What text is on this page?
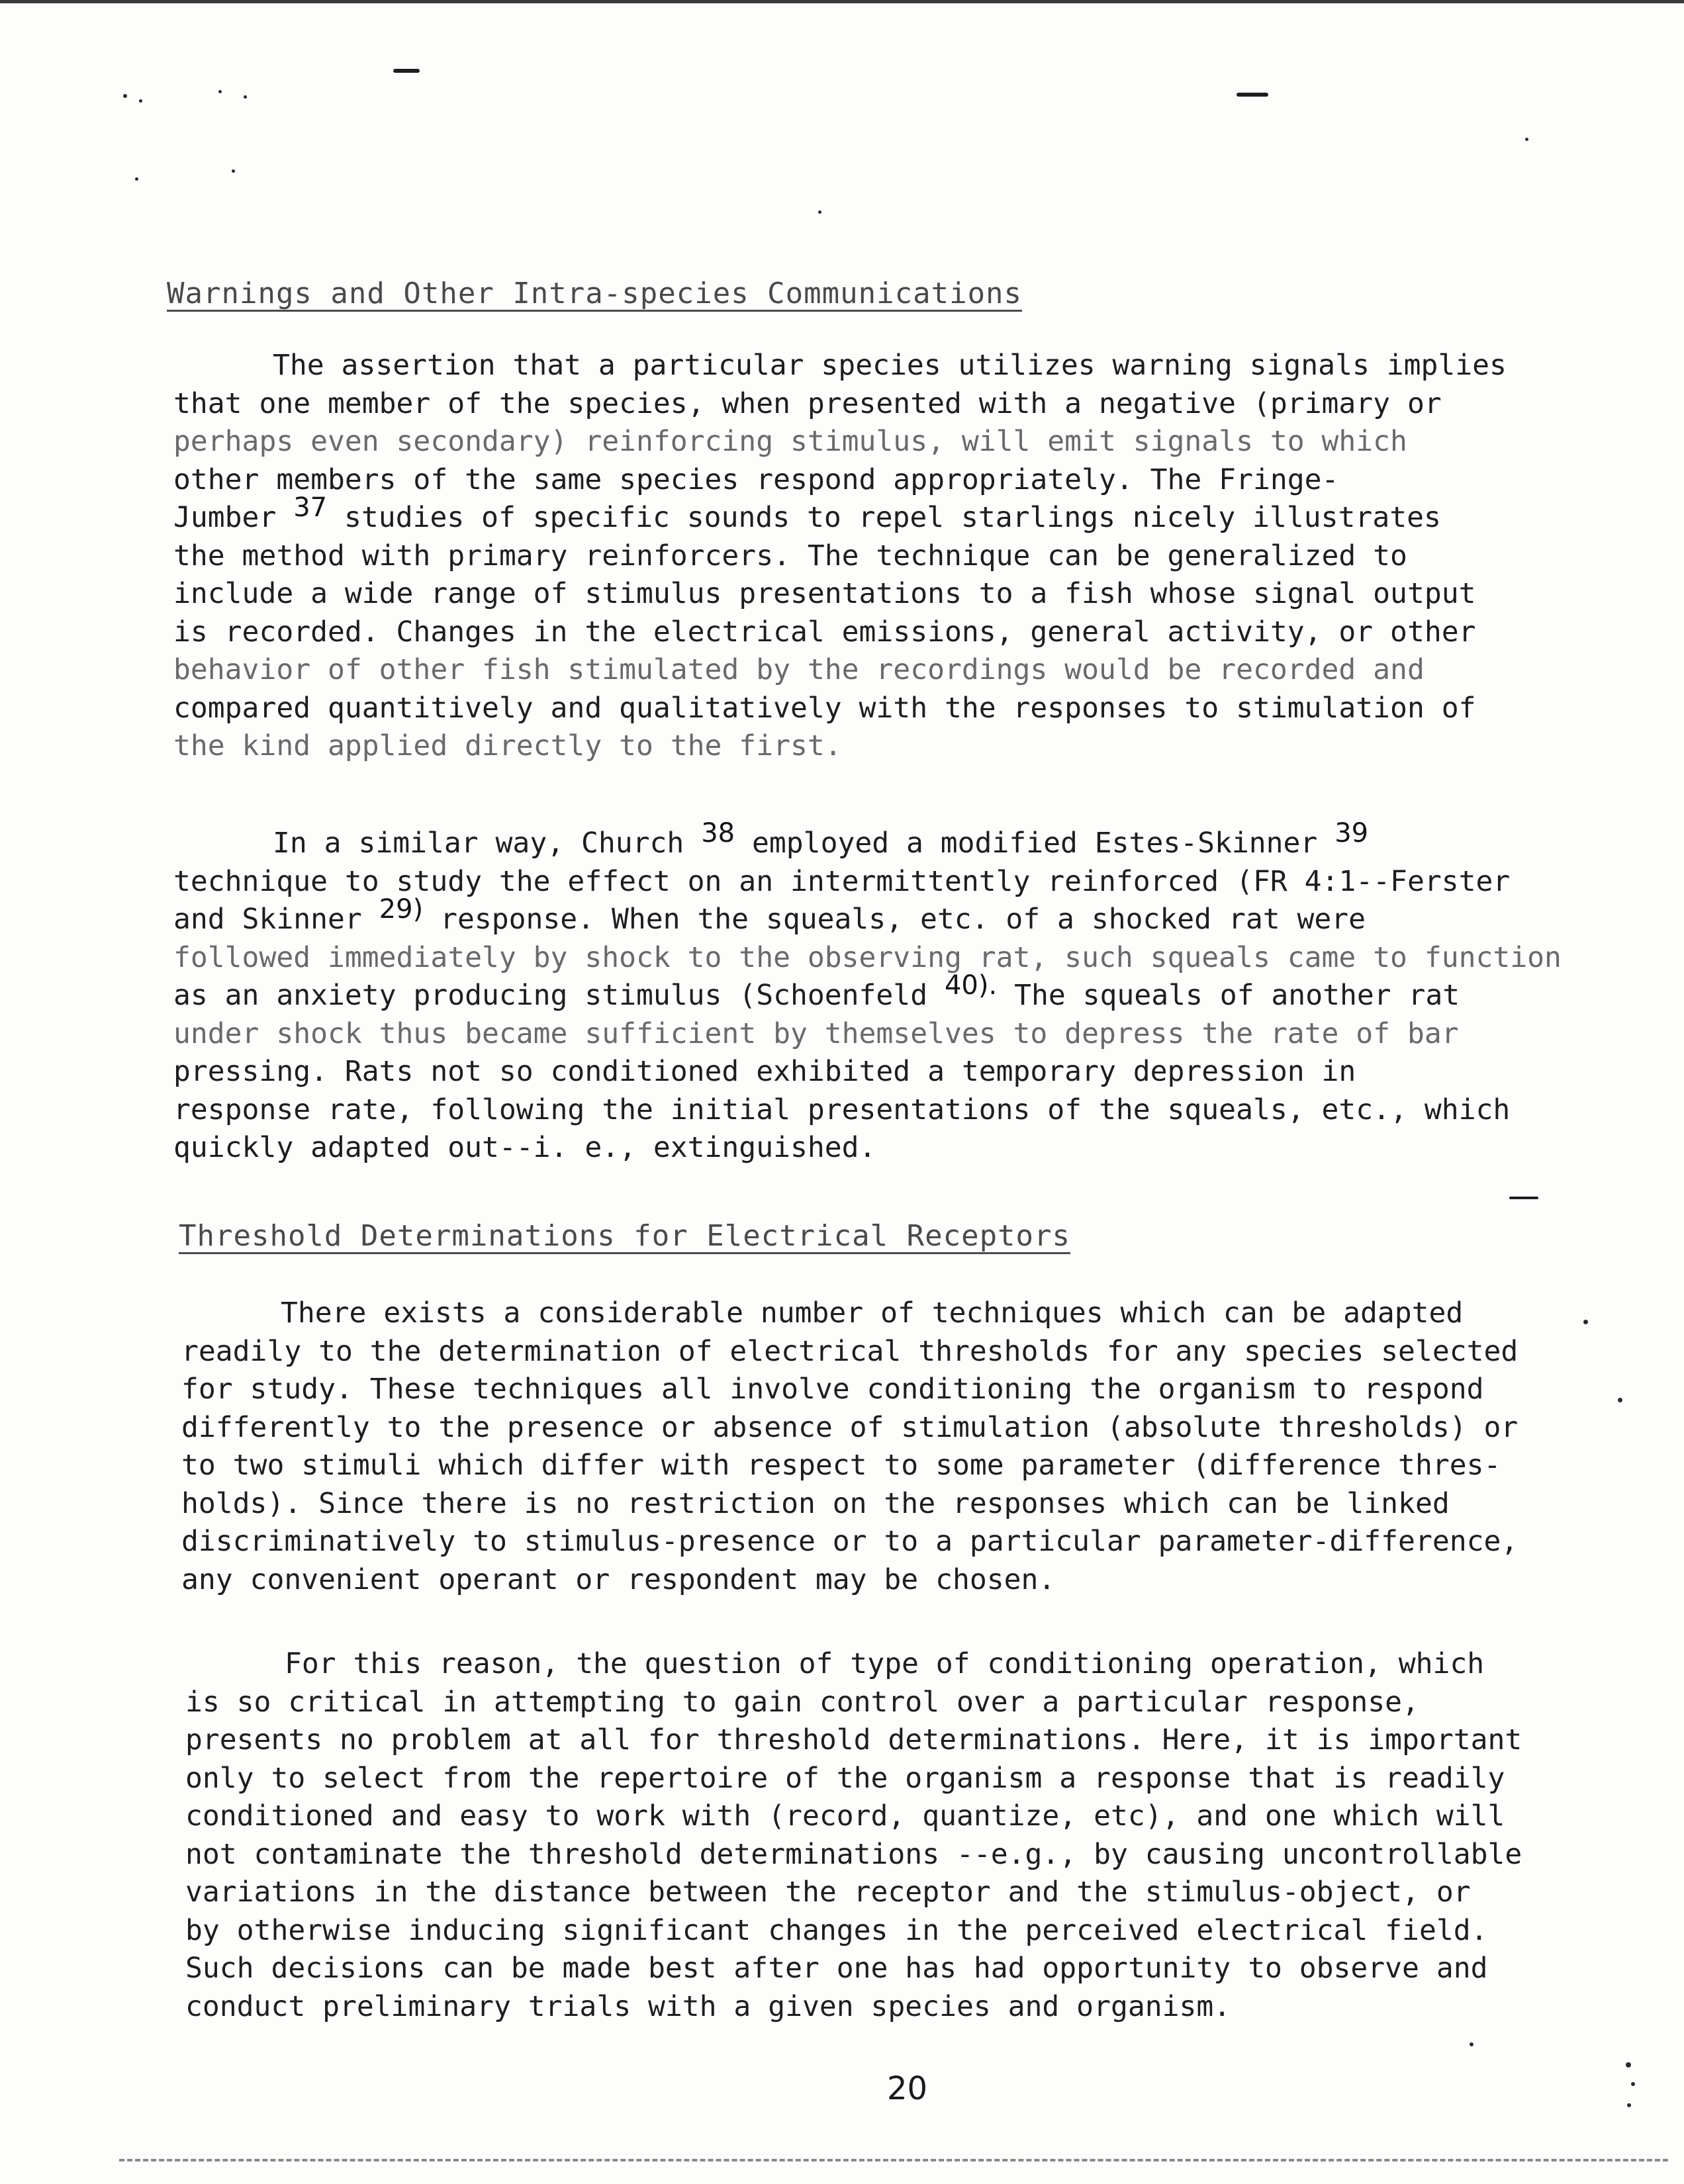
Warnings and Other Intra-species Communications
The assertion that a particular species utilizes warning signals implies
that one member of the species, when presented with a negative (primary or
perhaps even secondary) reinforcing stimulus, will emit signals to which
other members of the same species respond appropriately. The Fringe-
Jumber 37 studies of specific sounds to repel starlings nicely illustrates
the method with primary reinforcers. The technique can be generalized to
include a wide range of stimulus presentations to a fish whose signal output
is recorded. Changes in the electrical emissions, general activity, or other
behavior of other fish stimulated by the recordings would be recorded and
compared quantitively and qualitatively with the responses to stimulation of
the kind applied directly to the first.
In a similar way, Church 38 employed a modified Estes-Skinner 39
technique to study the effect on an intermittently reinforced (FR 4:1--Ferster
and Skinner 29) response. When the squeals, etc. of a shocked rat were
followed immediately by shock to the observing rat, such squeals came to function
as an anxiety producing stimulus (Schoenfeld 40). The squeals of another rat
under shock thus became sufficient by themselves to depress the rate of bar
pressing. Rats not so conditioned exhibited a temporary depression in
response rate, following the initial presentations of the squeals, etc., which
quickly adapted out--i. e., extinguished.
Threshold Determinations for Electrical Receptors
There exists a considerable number of techniques which can be adapted
readily to the determination of electrical thresholds for any species selected
for study. These techniques all involve conditioning the organism to respond
differently to the presence or absence of stimulation (absolute thresholds) or
to two stimuli which differ with respect to some parameter (difference thres-
holds). Since there is no restriction on the responses which can be linked
discriminatively to stimulus-presence or to a particular parameter-difference,
any convenient operant or respondent may be chosen.
For this reason, the question of type of conditioning operation, which
is so critical in attempting to gain control over a particular response,
presents no problem at all for threshold determinations. Here, it is important
only to select from the repertoire of the organism a response that is readily
conditioned and easy to work with (record, quantize, etc), and one which will
not contaminate the threshold determinations --e.g., by causing uncontrollable
variations in the distance between the receptor and the stimulus-object, or
by otherwise inducing significant changes in the perceived electrical field.
Such decisions can be made best after one has had opportunity to observe and
conduct preliminary trials with a given species and organism.
20
